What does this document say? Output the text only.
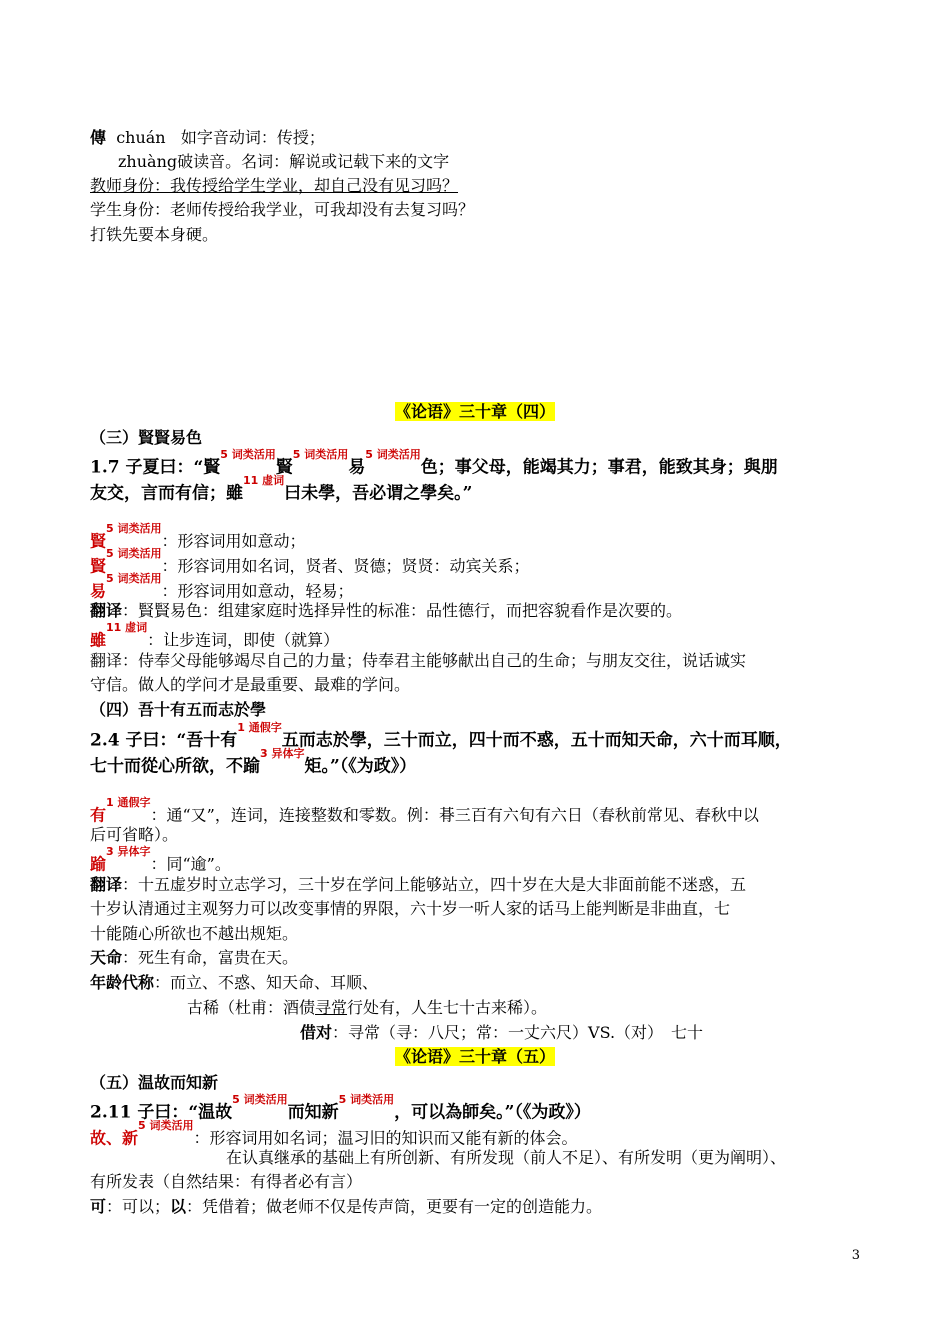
傳 chuán 如字音动词：传授；
zhuàng破读音。名词：解说或记载下来的文字
教师身份：我传授给学生学业，却自己没有见习吗？
学生身份：老师传授给我学业，可我却没有去复习吗？
打铁先要本身硬。
《论语》三十章（四）
（三）賢賢易色
1.7 子夏曰：“賢$^{5 词类活用}$賢$^{5 词类活用}$易$^{5 词类活用}$色；事父母，能竭其力；事君，能致其身；與朋
友交，言而有信；雖$^{11 虚词}$曰未學，吾必谓之學矣。”
賢$^{5 词类活用}$：形容词用如意动；
賢$^{5 词类活用}$：形容词用如名词，贤者、贤德；贤贤：动宾关系；
易$^{5 词类活用}$：形容词用如意动，轻易；
翻译：賢賢易色：组建家庭时选择异性的标准：品性德行，而把容貌看作是次要的。
雖$^{11 虚词}$：让步连词，即使（就算）
翻译：侍奉父母能够竭尽自己的力量；侍奉君主能够献出自己的生命；与朋友交往，说话诚实
守信。做人的学问才是最重要、最难的学问。
（四）吾十有五而志於學
2.4 子曰：“吾十有$^{1 通假字}$五而志於學，三十而立，四十而不惑，五十而知天命，六十而耳顺，
七十而從心所欲，不踰$^{3 异体字}$矩。”（《为政》）
有$^{1 通假字}$：通“又”，连词，连接整数和零数。例：朞三百有六旬有六日（春秋前常见、春秋中以
后可省略）。
踰$^{3 异体字}$：同“逾”。
翻译：十五虚岁时立志学习，三十岁在学问上能够站立，四十岁在大是大非面前能不迷惑，五
十岁认清通过主观努力可以改变事情的界限，六十岁一听人家的话马上能判断是非曲直，七
十能随心所欲也不越出规矩。
天命：死生有命，富贵在天。
年龄代称：而立、不惑、知天命、耳顺、
古稀（杜甫：酒债寻常行处有，人生七十古来稀）。
借对：寻常（寻：八尺；常：一丈六尺）VS.（对）　七十
《论语》三十章（五）
（五）温故而知新
2.11 子曰：“温故$^{5 词类活用}$而知新$^{5 词类活用}$，可以為師矣。”（《为政》）
故、新$^{5 词类活用}$：形容词用如名词；温习旧的知识而又能有新的体会。
在认真继承的基础上有所创新、有所发现（前人不足）、有所发明（更为阐明）、
有所发表（自然结果：有得者必有言）
可：可以；以：凭借着；做老师不仅是传声筒，更要有一定的创造能力。
3
